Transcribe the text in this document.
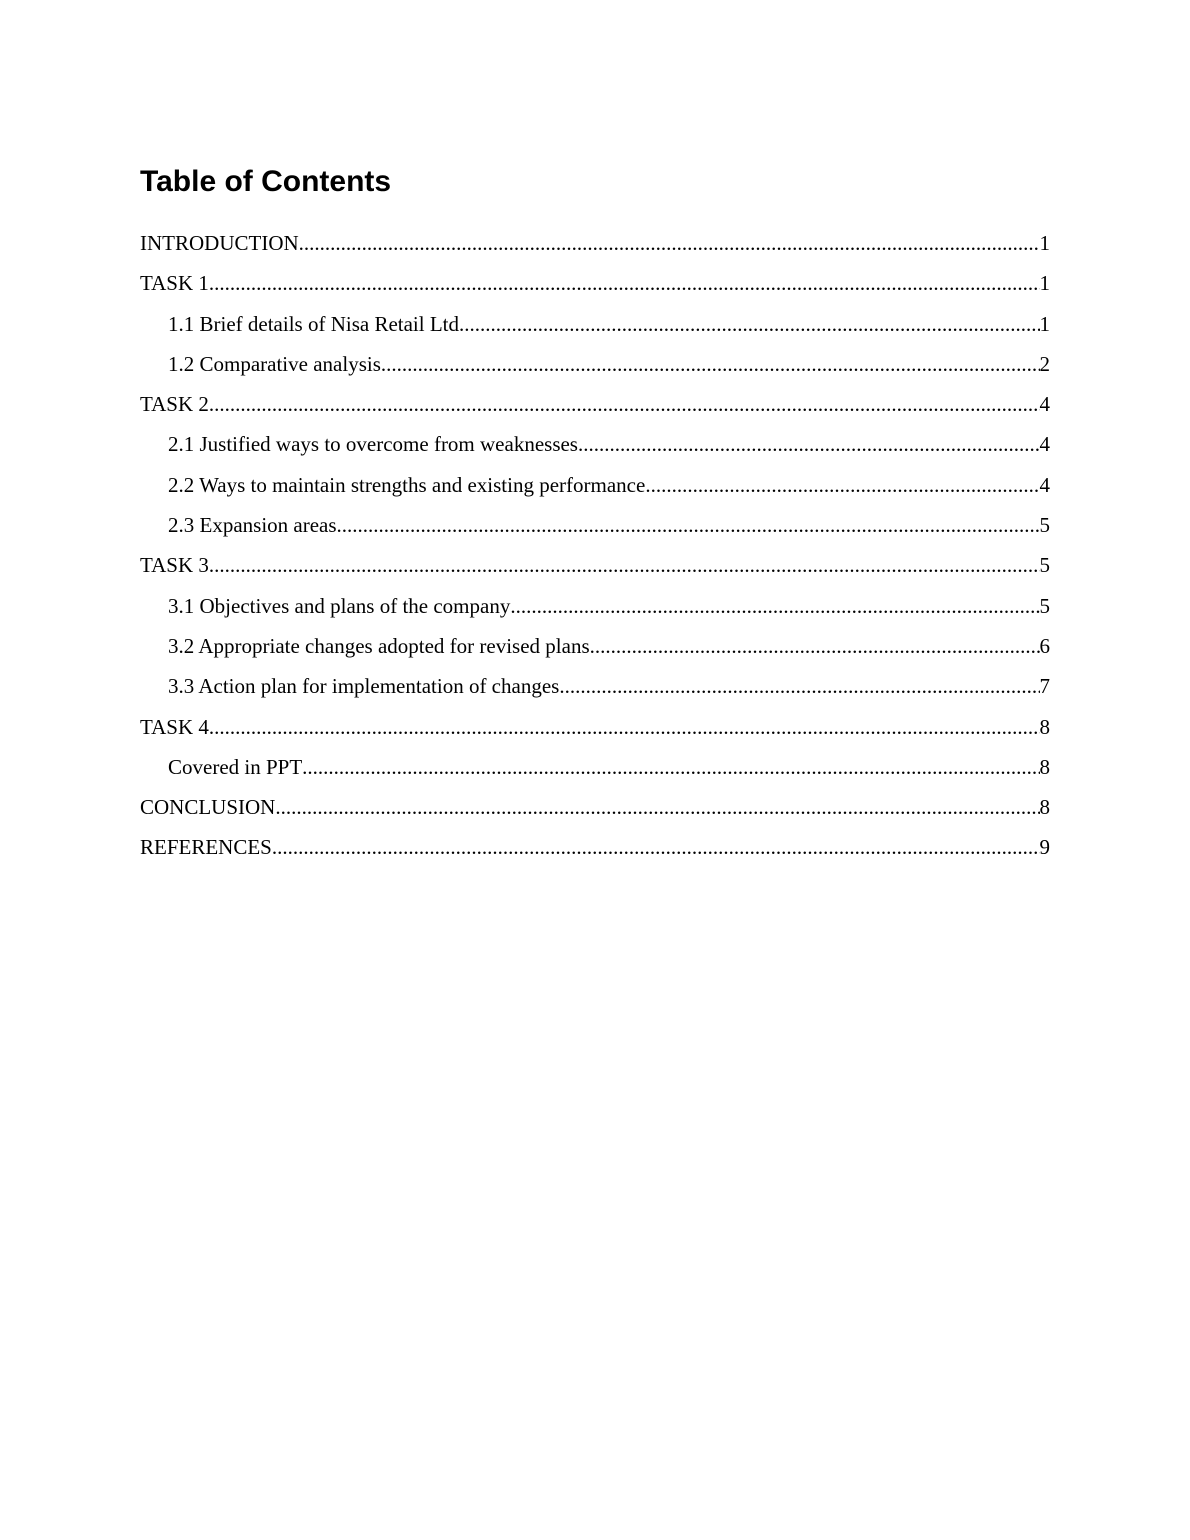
Table of Contents
INTRODUCTION .....	1
TASK 1 .....	1
1.1 Brief details of Nisa Retail Ltd .....	1
1.2 Comparative analysis .....	2
TASK 2 .....	4
2.1 Justified ways to overcome from weaknesses .....	4
2.2 Ways to maintain strengths and existing performance .....	4
2.3 Expansion areas .....	5
TASK 3 .....	5
3.1 Objectives and plans of the company .....	5
3.2 Appropriate changes adopted for revised plans .....	6
3.3 Action plan for implementation of changes .....	7
TASK 4 .....	8
Covered in PPT .....	8
CONCLUSION .....	8
REFERENCES .....	9
